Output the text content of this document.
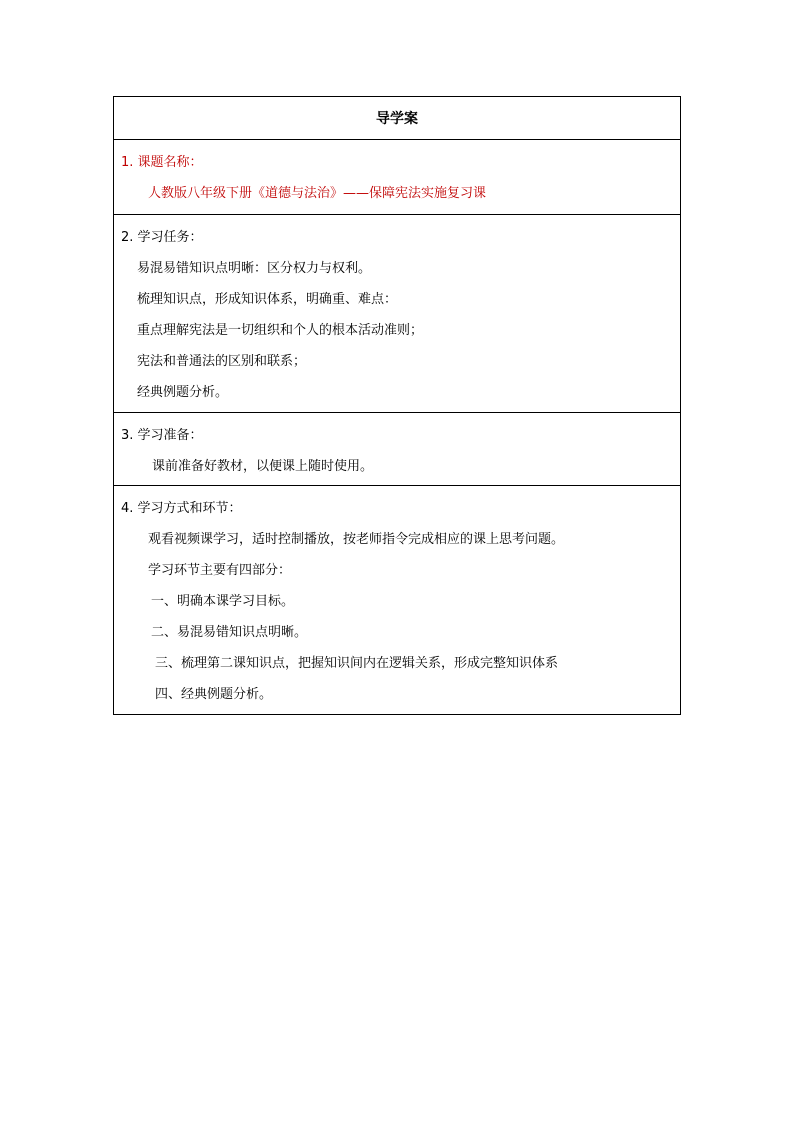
导学案
1. 课题名称：
人教版八年级下册《道德与法治》——保障宪法实施复习课
2. 学习任务：
易混易错知识点明晰：区分权力与权利。
梳理知识点，形成知识体系，明确重、难点：
重点理解宪法是一切组织和个人的根本活动准则；
宪法和普通法的区别和联系；
经典例题分析。
3. 学习准备：
课前准备好教材，以便课上随时使用。
4. 学习方式和环节：
观看视频课学习，适时控制播放，按老师指令完成相应的课上思考问题。
学习环节主要有四部分：
一、明确本课学习目标。
二、易混易错知识点明晰。
三、梳理第二课知识点，把握知识间内在逻辑关系，形成完整知识体系
四、经典例题分析。
